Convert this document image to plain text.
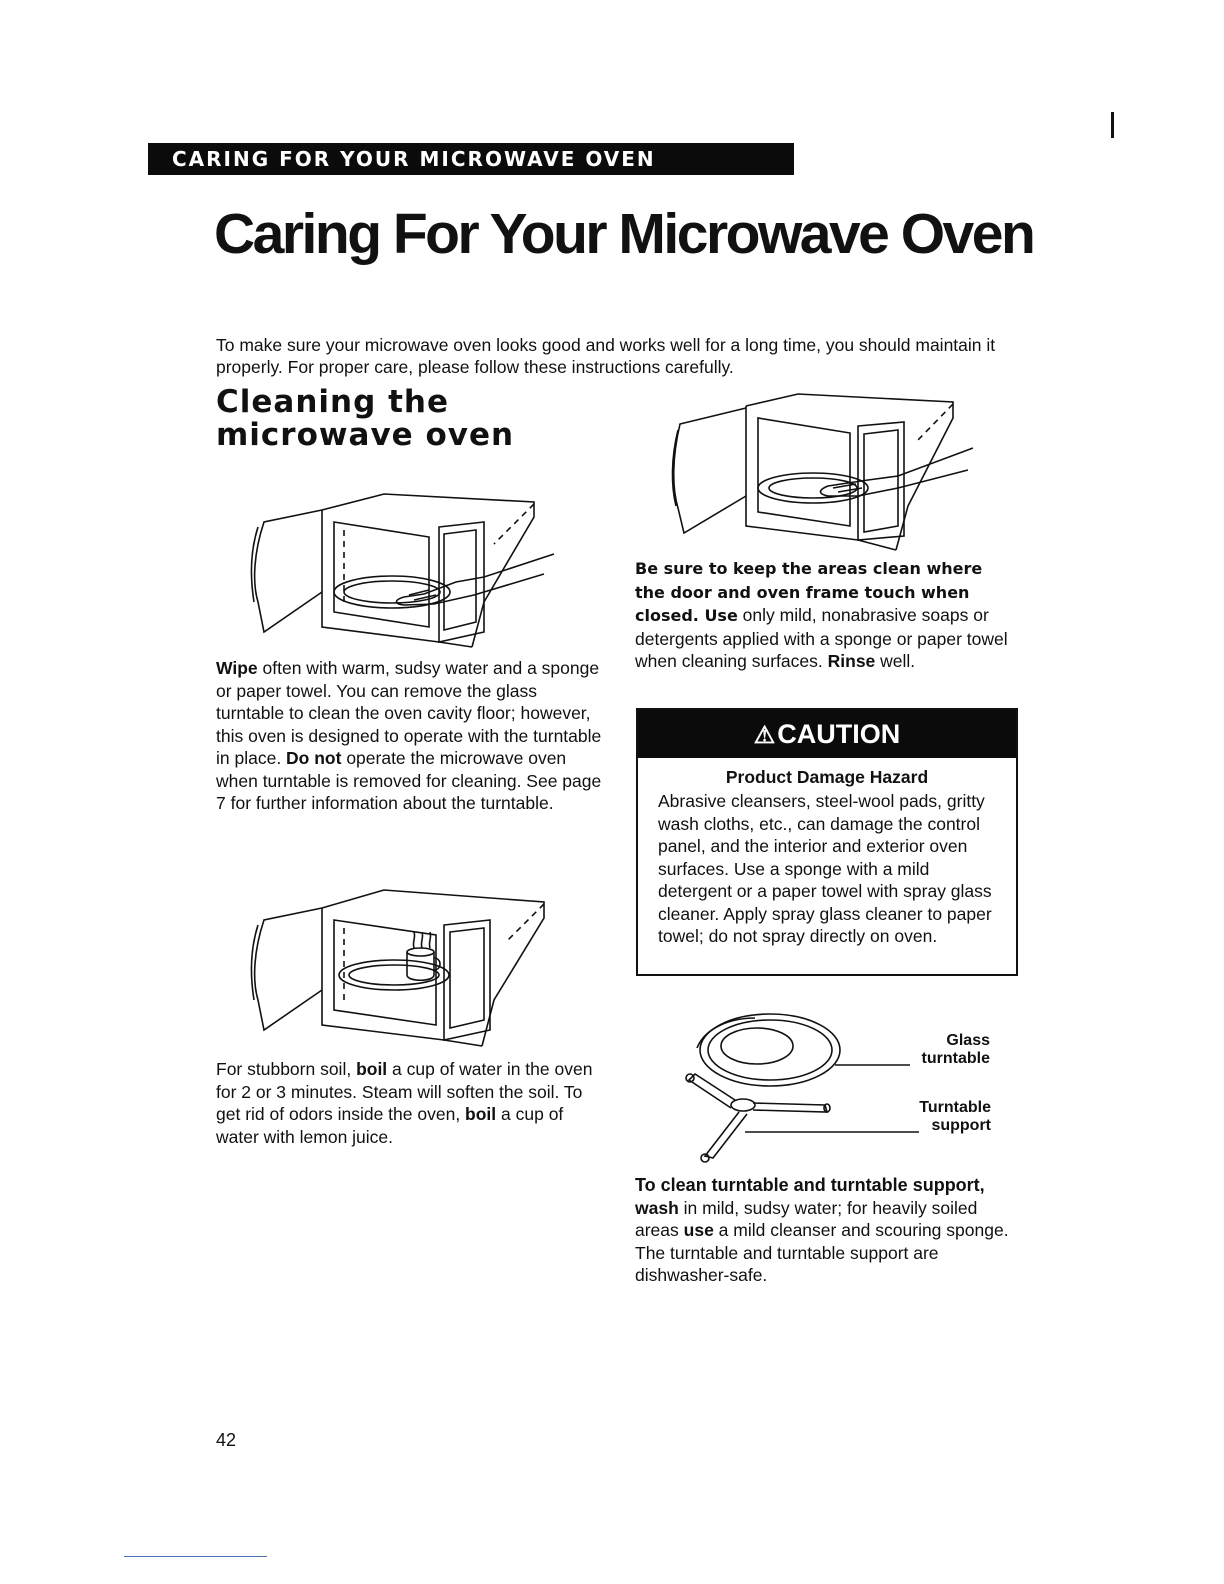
CARING FOR YOUR MICROWAVE OVEN
Caring For Your Microwave Oven

To make sure your microwave oven looks good and works well for a long time, you should maintain it properly. For proper care, please follow these instructions carefully.

Cleaning the microwave oven

Wipe often with warm, sudsy water and a sponge or paper towel. You can remove the glass turntable to clean the oven cavity floor; however, this oven is designed to operate with the turntable in place. Do not operate the microwave oven when turntable is removed for cleaning. See page 7 for further information about the turntable.

For stubborn soil, boil a cup of water in the oven for 2 or 3 minutes. Steam will soften the soil. To get rid of odors inside the oven, boil a cup of water with lemon juice.

Be sure to keep the areas clean where the door and oven frame touch when closed. Use only mild, nonabrasive soaps or detergents applied with a sponge or paper towel when cleaning surfaces. Rinse well.

⚠CAUTION
Product Damage Hazard

Abrasive cleansers, steel-wool pads, gritty wash cloths, etc., can damage the control panel, and the interior and exterior oven surfaces. Use a sponge with a mild detergent or a paper towel with spray glass cleaner. Apply spray glass cleaner to paper towel; do not spray directly on oven.

Glass turntable
Turntable support

To clean turntable and turntable support,
wash in mild, sudsy water; for heavily soiled areas use a mild cleanser and scouring sponge. The turntable and turntable support are dishwasher-safe.

42
